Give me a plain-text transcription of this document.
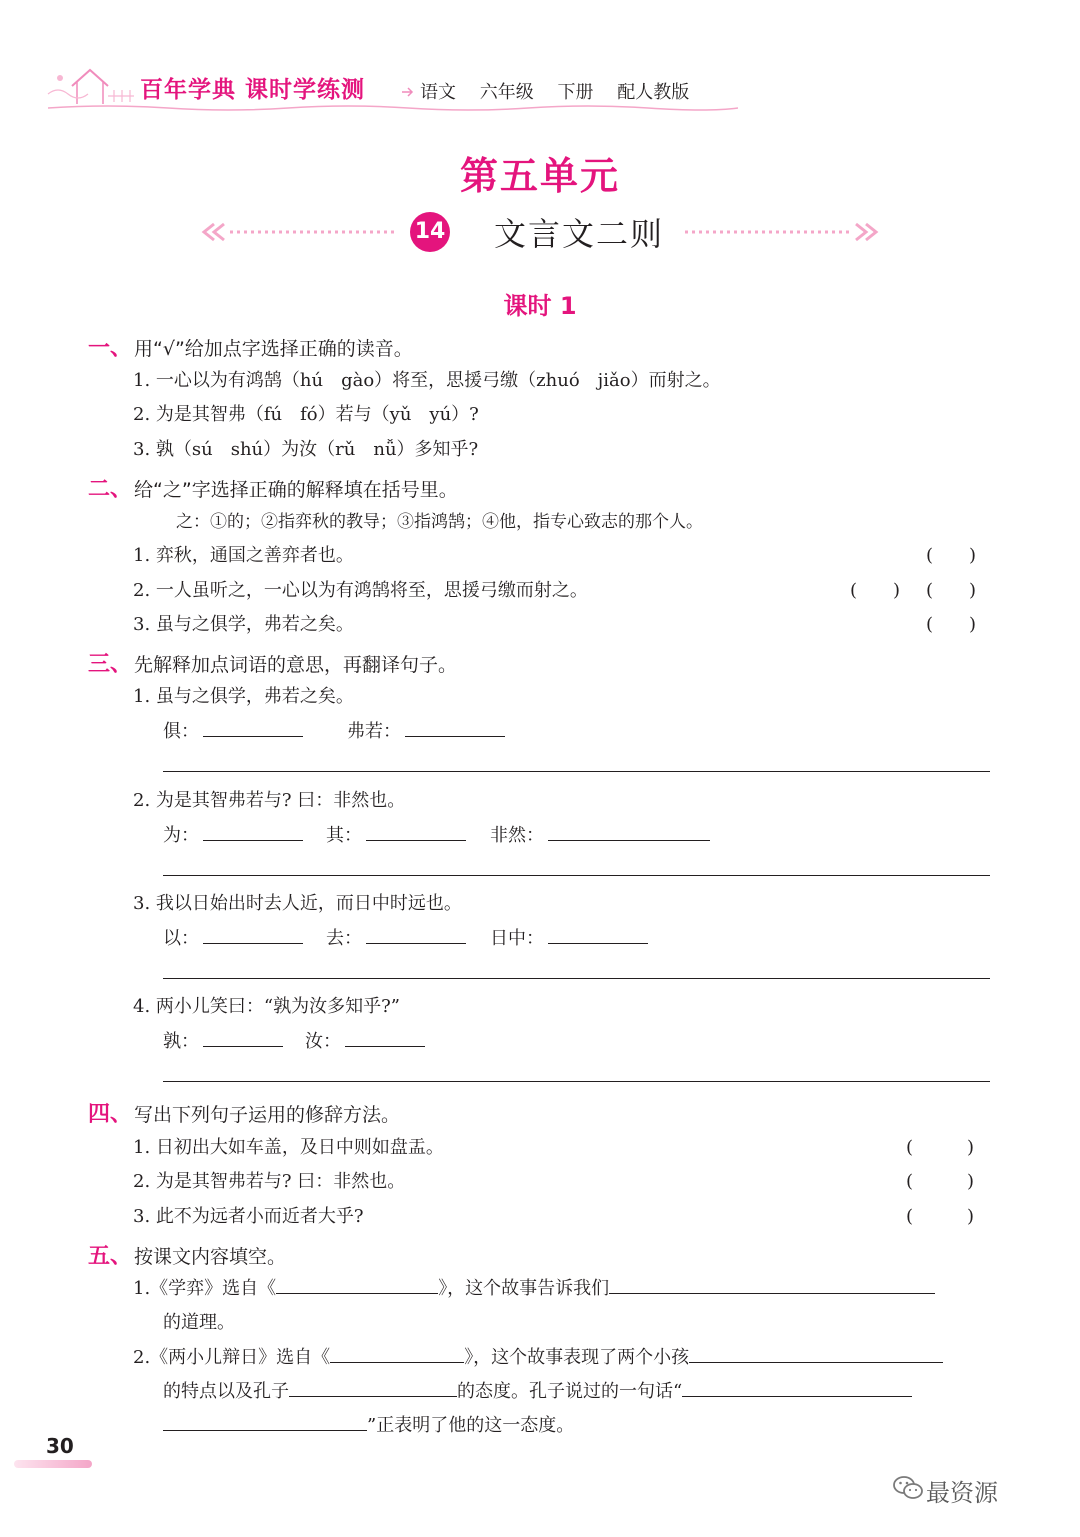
百年学典 课时学练测	语文 六年级 下册 配人教版
第五单元
14 文言文二则
课时 1
一、 用“√”给加点字选择正确的读音。
1. 一心以为有鸿鹄（hú　gào）将至，思援弓缴（zhuó　jiǎo）而射之。
2. 为是其智弗（fú　fó）若与（yǔ　yú）?
3. 孰（sú　shú）为汝（rǔ　nǚ）多知乎?
二、 给“之”字选择正确的解释填在括号里。
之：①的；②指弈秋的教导；③指鸿鹄；④他，指专心致志的那个人。
1. 弈秋，通国之善弈者也。	(　　)
2. 一人虽听之，一心以为有鸿鹄将至，思援弓缴而射之。	(　　) (　　)
3. 虽与之俱学，弗若之矣。	(　　)
三、 先解释加点词语的意思，再翻译句子。
1. 虽与之俱学，弗若之矣。
俱：	弗若：
2. 为是其智弗若与? 曰：非然也。
为：	其：	非然：
3. 我以日始出时去人近，而日中时远也。
以：	去：	日中：
4. 两小儿笑曰：“孰为汝多知乎?”
孰：	汝：
四、 写出下列句子运用的修辞方法。
1. 日初出大如车盖，及日中则如盘盂。	(　　　)
2. 为是其智弗若与? 曰：非然也。	(　　　)
3. 此不为远者小而近者大乎?	(　　　)
五、 按课文内容填空。
1.《学弈》选自《	》，这个故事告诉我们
的道理。
2.《两小儿辩日》选自《	》，这个故事表现了两个小孩
的特点以及孔子	的态度。孔子说过的一句话“
”正表明了他的这一态度。
30
最资源
